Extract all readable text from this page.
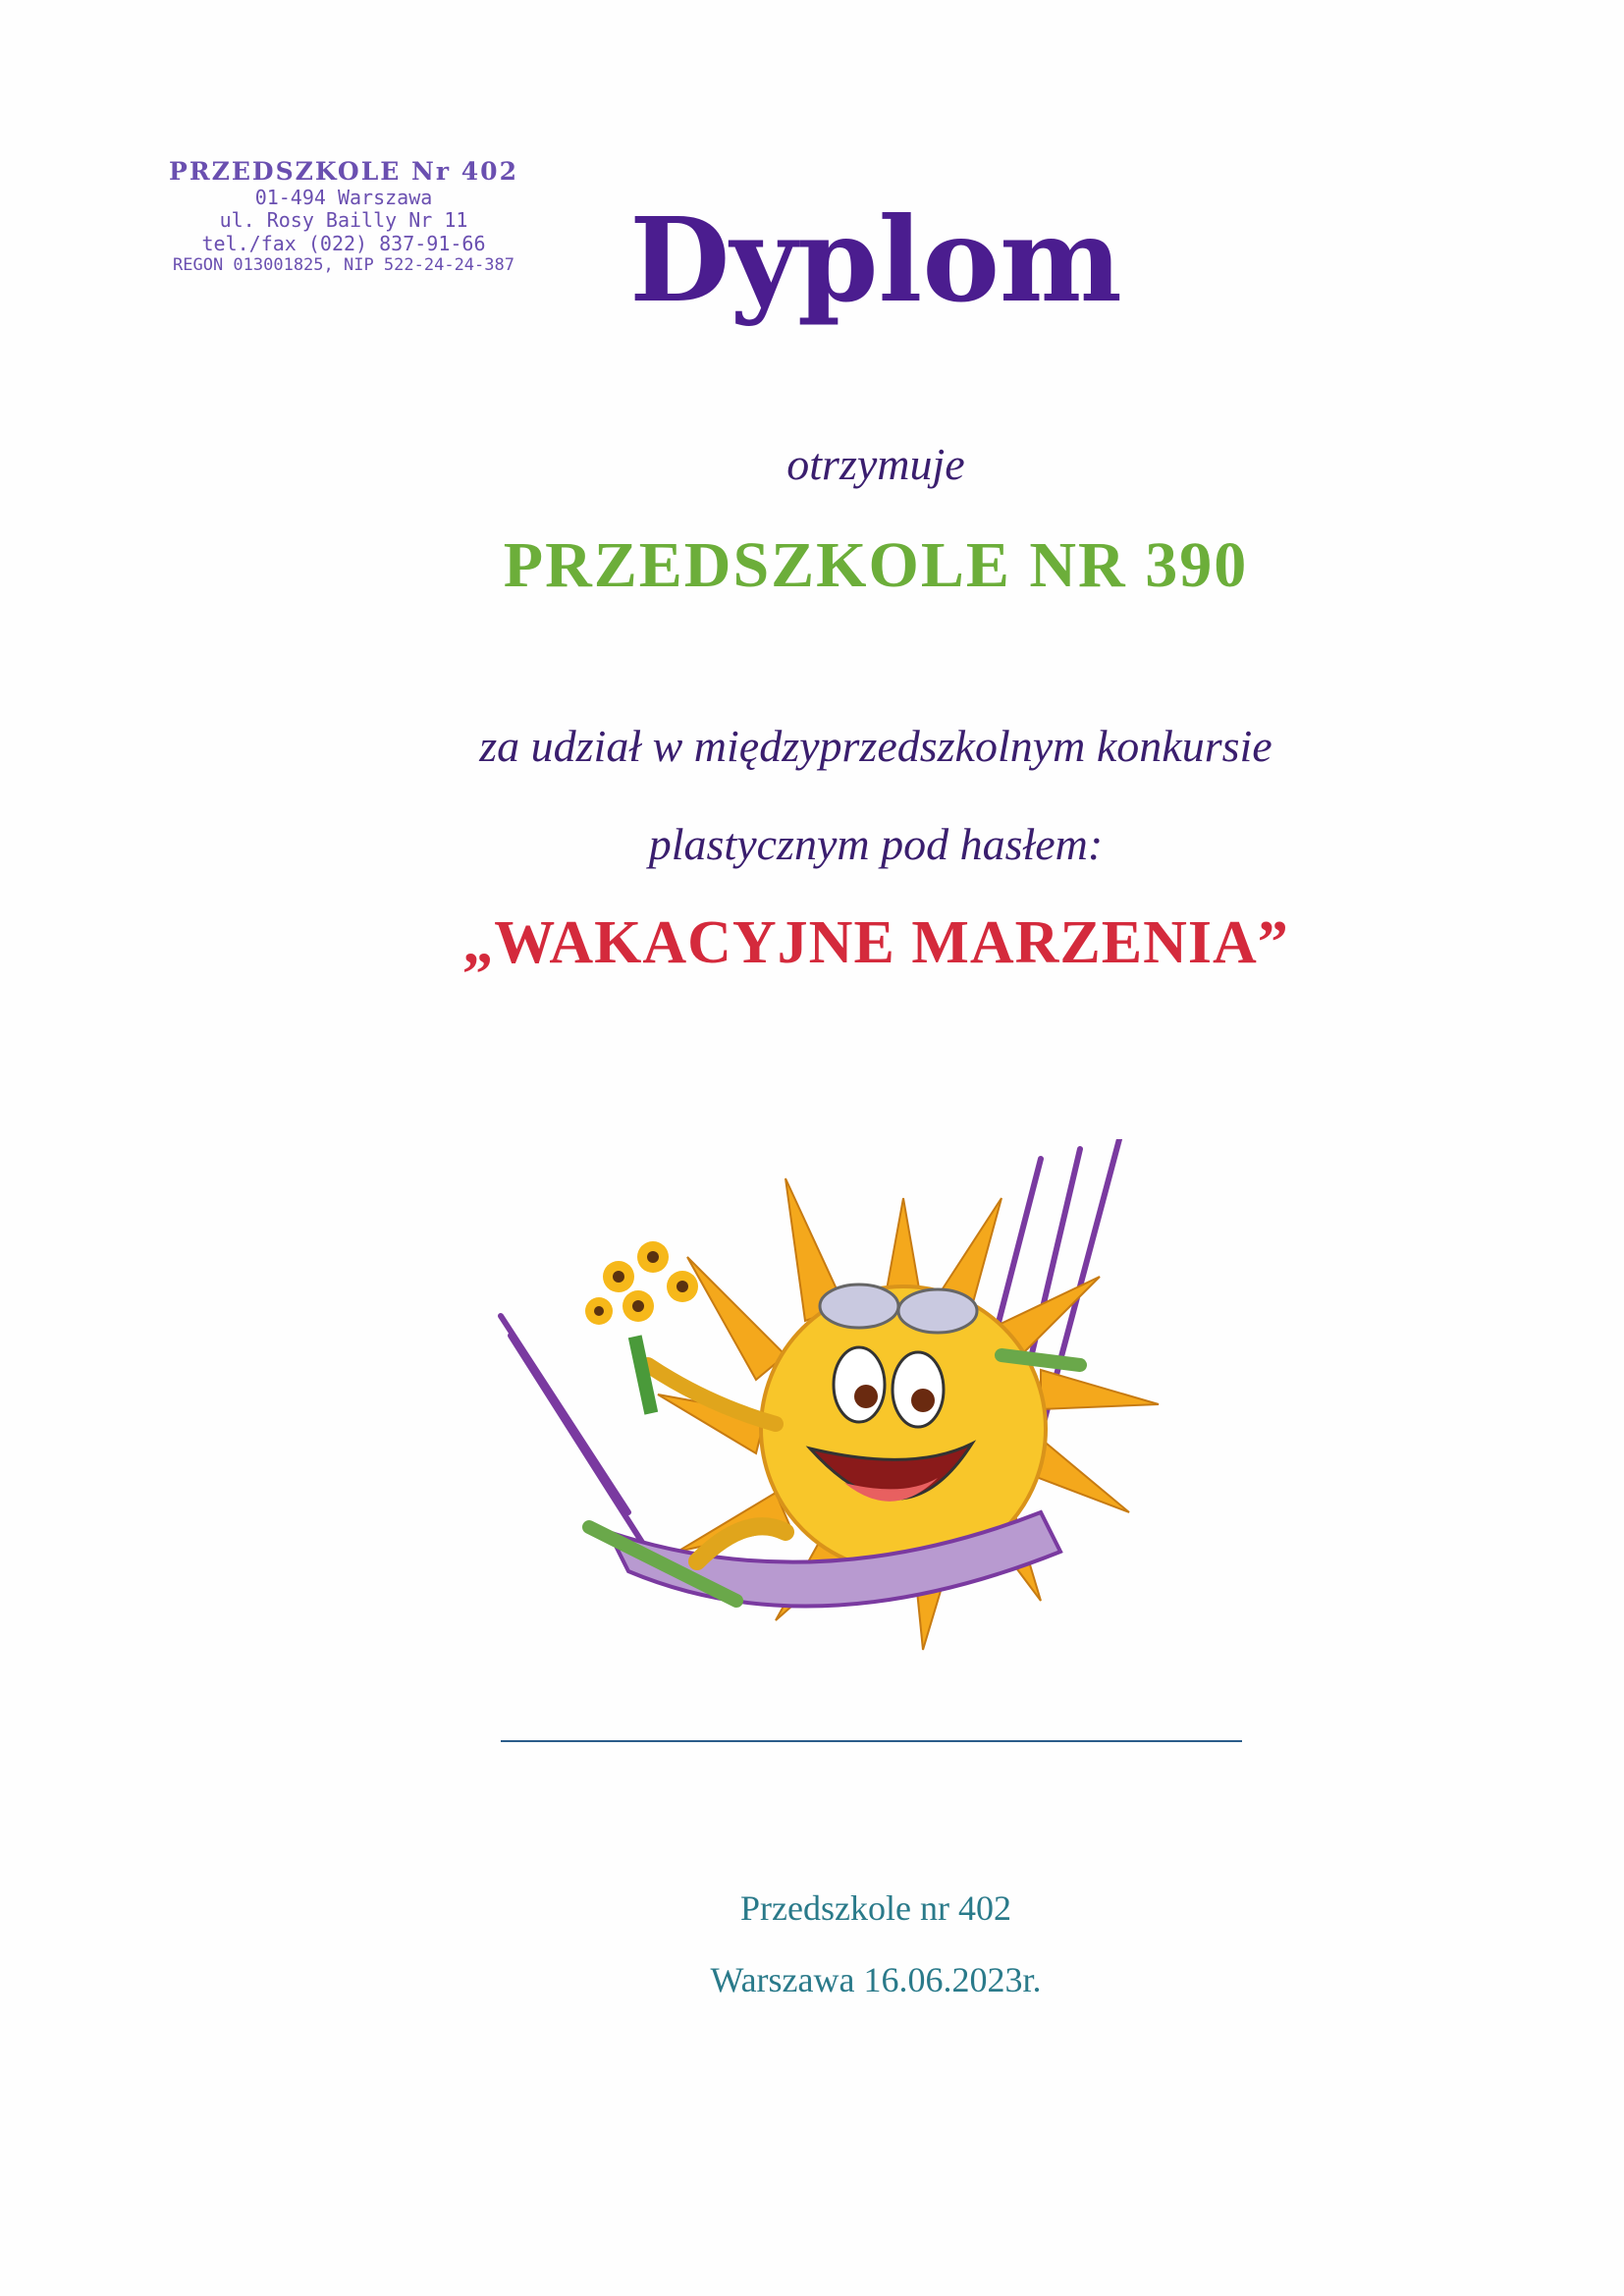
PRZEDSZKOLE Nr 402
01-494 Warszawa
ul. Rosy Bailly Nr 11
tel./fax (022) 837-91-66
REGON 013001825, NIP 522-24-24-387 Dyplom
otrzymuje
PRZEDSZKOLE NR 390
za udział w międzyprzedszkolnym konkursie
plastycznym pod hasłem:
„WAKACYJNE MARZENIA”
Przedszkole nr 402
Warszawa 16.06.2023r.
